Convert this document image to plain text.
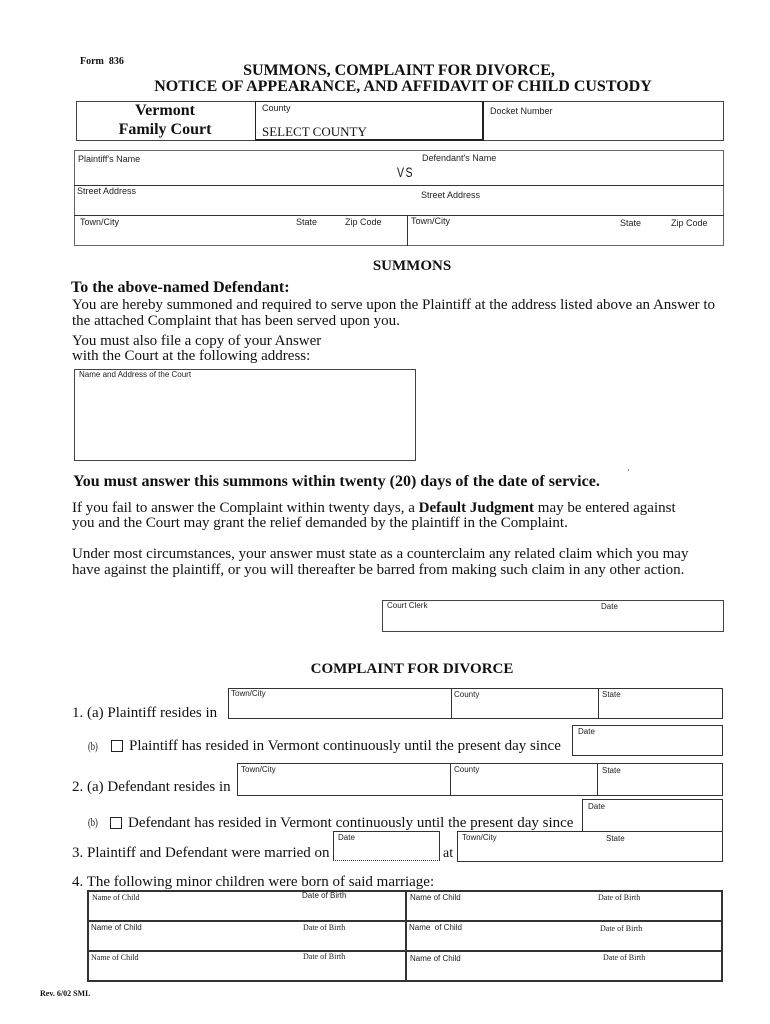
Form  836
SUMMONS, COMPLAINT FOR DIVORCE,
NOTICE OF APPEARANCE, AND AFFIDAVIT OF CHILD CUSTODY
Vermont
Family Court
County
SELECT COUNTY
Docket Number
Plaintiff's Name
VS
Defendant's Name
Street Address	Street Address
Town/City	State	Zip Code	Town/City	State	Zip Code
SUMMONS
To the above-named Defendant:
You are hereby summoned and required to serve upon the Plaintiff at the address listed above an Answer to
the attached Complaint that has been served upon you.
You must also file a copy of your Answer
with the Court at the following address:
Name and Address of the Court
You must answer this summons within twenty (20) days of the date of service.
If you fail to answer the Complaint within twenty days, a Default Judgment may be entered against
you and the Court may grant the relief demanded by the plaintiff in the Complaint.
Under most circumstances, your answer must state as a counterclaim any related claim which you may
have against the plaintiff, or you will thereafter be barred from making such claim in any other action.
Court Clerk	Date
COMPLAINT FOR DIVORCE
1. (a) Plaintiff resides in
Town/City	County	State
(b) Plaintiff has resided in Vermont continuously until the present day since
Date
2. (a) Defendant resides in
Town/City	County	State
(b) Defendant has resided in Vermont continuously until the present day since
Date
3. Plaintiff and Defendant were married on
Date
at
Town/City	State
4. The following minor children were born of said marriage:
Name of Child	Date of Birth	Name of Child	Date of Birth
Name of Child	Date of Birth	Name  of Child	Date of Birth
Name of Child	Date of Birth	Name of Child	Date of Birth
Rev. 6/02 SML
